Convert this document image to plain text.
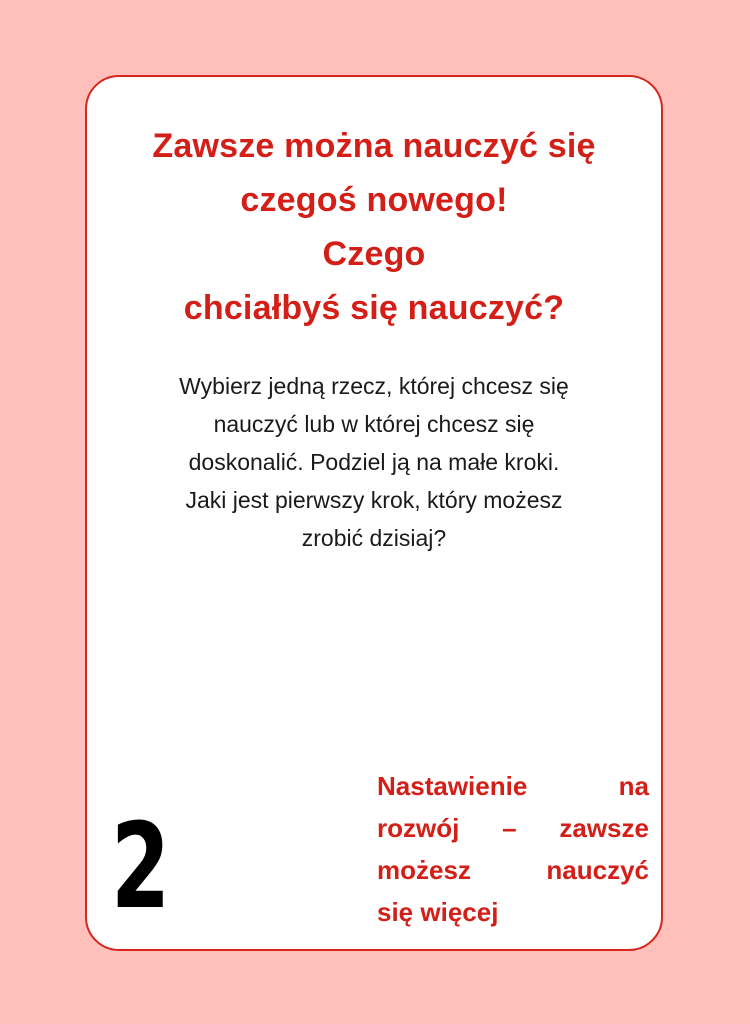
Zawsze można nauczyć się
czegoś nowego!
Czego
chciałbyś się nauczyć?
Wybierz jedną rzecz, której chcesz się
nauczyć lub w której chcesz się
doskonalić. Podziel ją na małe kroki.
Jaki jest pierwszy krok, który możesz
zrobić dzisiaj?
2
Nastawienie	na
rozwój – zawsze
możesz	nauczyć
się więcej
